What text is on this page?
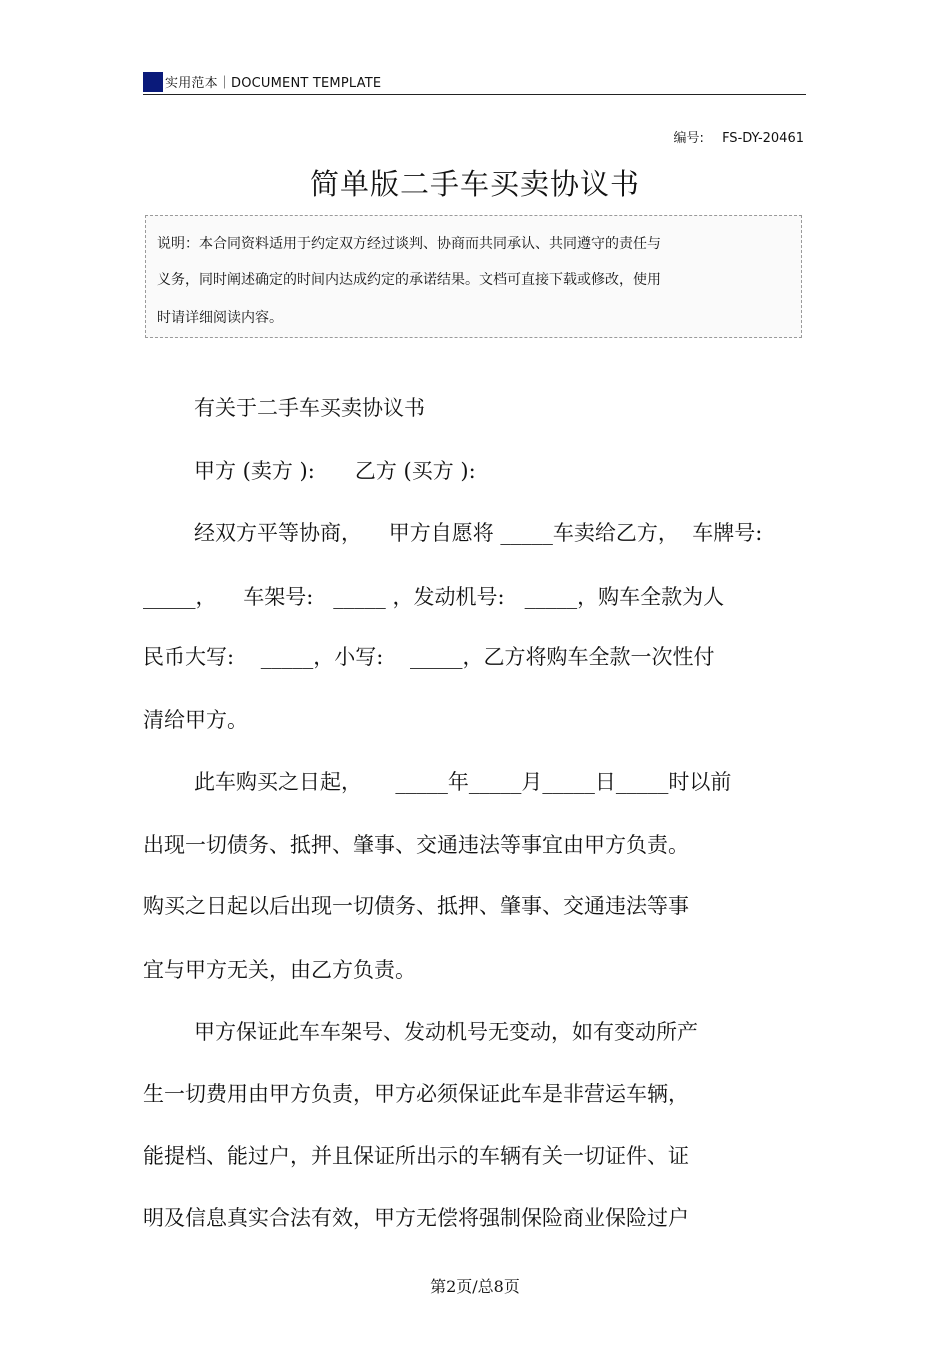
实用范本｜DOCUMENT TEMPLATE
编号: FS-DY-20461
简单版二手车买卖协议书
说明：本合同资料适用于约定双方经过谈判、协商而共同承认、共同遵守的责任与
义务，同时阐述确定的时间内达成约定的承诺结果。文档可直接下载或修改，使用
时请详细阅读内容。
有关于二手车买卖协议书
甲方 (卖方 ):      乙方 (买方 ):
经双方平等协商，    甲方自愿将 _____车卖给乙方，  车牌号:
_____，    车架号:   _____ ，发动机号:   _____，购车全款为人
民币大写:    _____，小写:    _____，乙方将购车全款一次性付
清给甲方。
此车购买之日起，     _____年_____月_____日_____时以前
出现一切债务、抵押、肇事、交通违法等事宜由甲方负责。
购买之日起以后出现一切债务、抵押、肇事、交通违法等事
宜与甲方无关，由乙方负责。
甲方保证此车车架号、发动机号无变动，如有变动所产
生一切费用由甲方负责，甲方必须保证此车是非营运车辆，
能提档、能过户，并且保证所出示的车辆有关一切证件、证
明及信息真实合法有效，甲方无偿将强制保险商业保险过户
第2页/总8页
